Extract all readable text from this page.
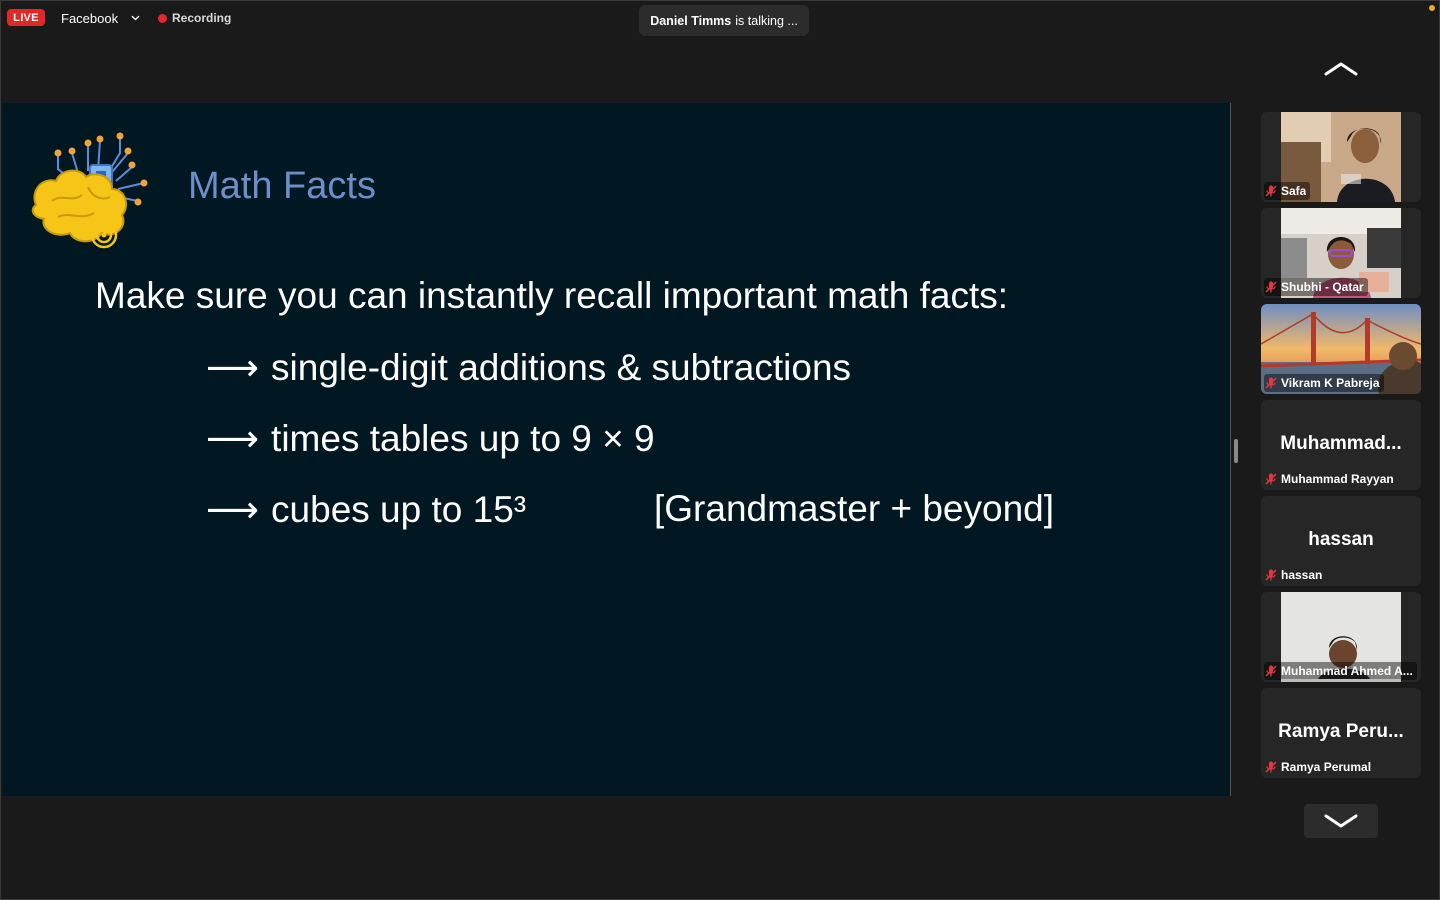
LIVE	Facebook	Recording	Daniel Timms is talking ...
Math Facts
Make sure you can instantly recall important math facts:
⟶ single-digit additions & subtractions
⟶ times tables up to 9 × 9
⟶ cubes up to 15³	[Grandmaster + beyond]
Safa
Shubhi - Qatar
Vikram K Pabreja
Muhammad...
Muhammad Rayyan
hassan
hassan
Muhammad Ahmed A...
Ramya Peru...
Ramya Perumal
